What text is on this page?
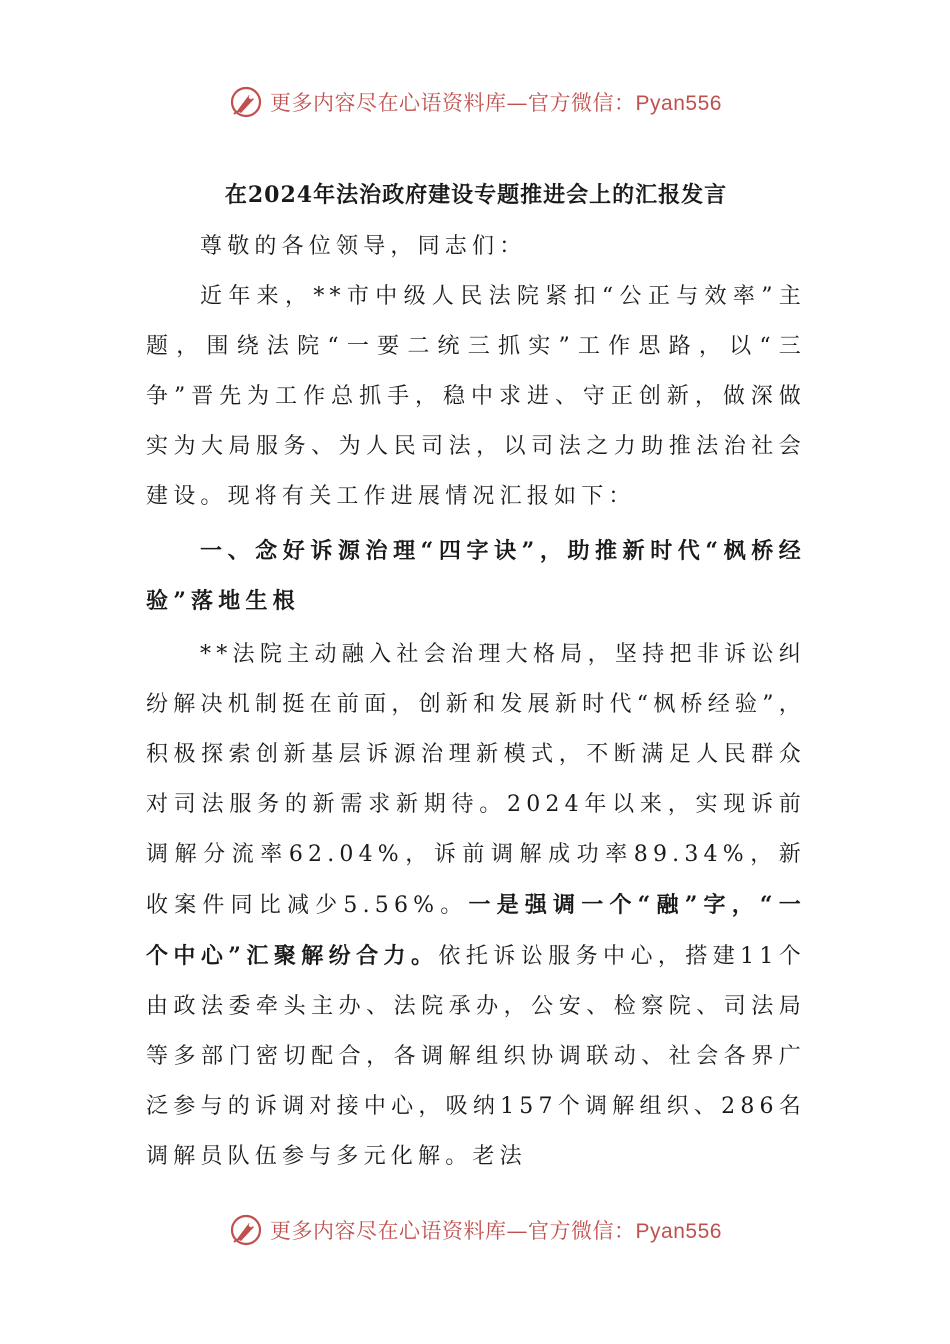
更多内容尽在心语资料库—官方微信：Pyan556
在2024年法治政府建设专题推进会上的汇报发言

尊敬的各位领导，同志们：

近年来，**市中级人民法院紧扣“公正与效率”主题，围绕法院“一要二统三抓实”工作思路，以“三争”晋先为工作总抓手，稳中求进、守正创新，做深做实为大局服务、为人民司法，以司法之力助推法治社会建设。现将有关工作进展情况汇报如下：

一、念好诉源治理“四字诀”，助推新时代“枫桥经验”落地生根

**法院主动融入社会治理大格局，坚持把非诉讼纠纷解决机制挺在前面，创新和发展新时代“枫桥经验”，积极探索创新基层诉源治理新模式，不断满足人民群众对司法服务的新需求新期待。2024年以来，实现诉前调解分流率62.04%，诉前调解成功率89.34%，新收案件同比减少5.56%。一是强调一个“融”字，“一个中心”汇聚解纷合力。依托诉讼服务中心，搭建11个由政法委牵头主办、法院承办，公安、检察院、司法局等多部门密切配合，各调解组织协调联动、社会各界广泛参与的诉调对接中心，吸纳157个调解组织、286名调解员队伍参与多元化解。老法

更多内容尽在心语资料库—官方微信：Pyan556
